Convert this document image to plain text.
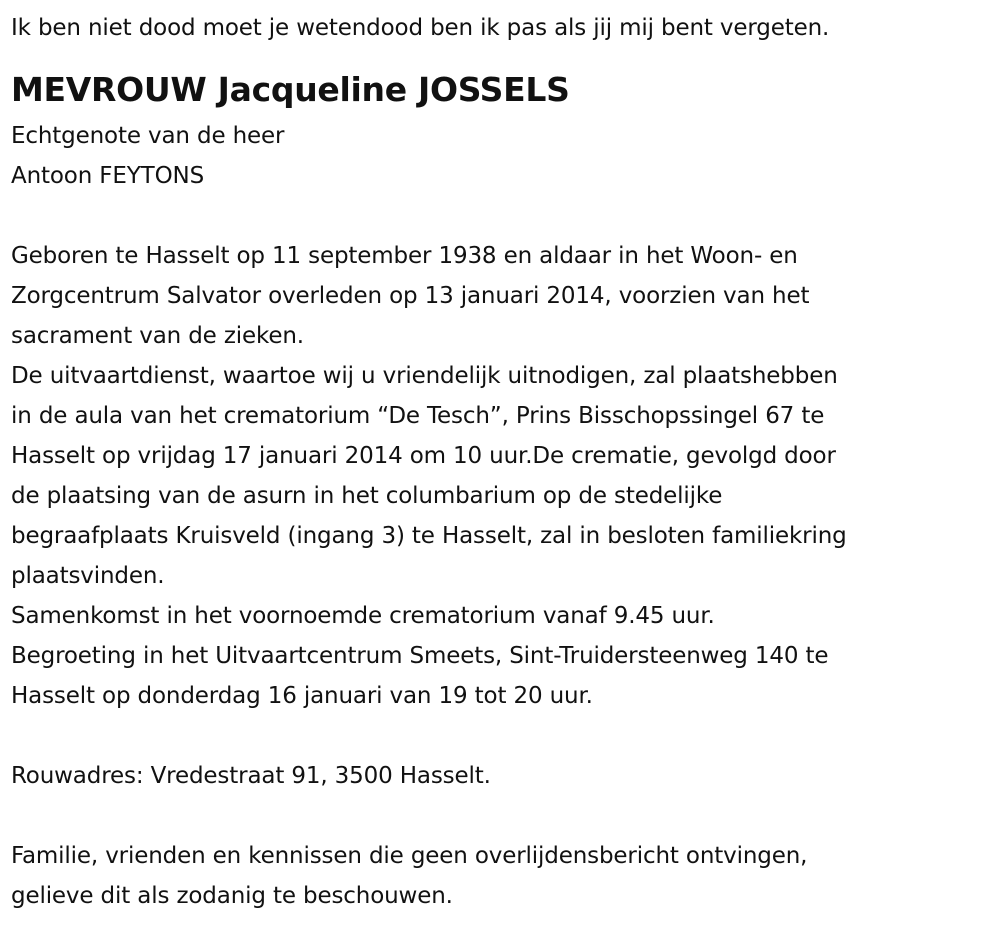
Ik ben niet dood moet je wetendood ben ik pas als jij mij bent vergeten.
MEVROUW Jacqueline JOSSELS
Echtgenote van de heer
Antoon FEYTONS
Geboren te Hasselt op 11 september 1938 en aldaar in het Woon- en
Zorgcentrum Salvator overleden op 13 januari 2014, voorzien van het
sacrament van de zieken.
De uitvaartdienst, waartoe wij u vriendelijk uitnodigen, zal plaatshebben
in de aula van het crematorium “De Tesch”, Prins Bisschopssingel 67 te
Hasselt op vrijdag 17 januari 2014 om 10 uur.De crematie, gevolgd door
de plaatsing van de asurn in het columbarium op de stedelijke
begraafplaats Kruisveld (ingang 3) te Hasselt, zal in besloten familiekring
plaatsvinden.
Samenkomst in het voornoemde crematorium vanaf 9.45 uur.
Begroeting in het Uitvaartcentrum Smeets, Sint-Truidersteenweg 140 te
Hasselt op donderdag 16 januari van 19 tot 20 uur.
Rouwadres: Vredestraat 91, 3500 Hasselt.
Familie, vrienden en kennissen die geen overlijdensbericht ontvingen,
gelieve dit als zodanig te beschouwen.
